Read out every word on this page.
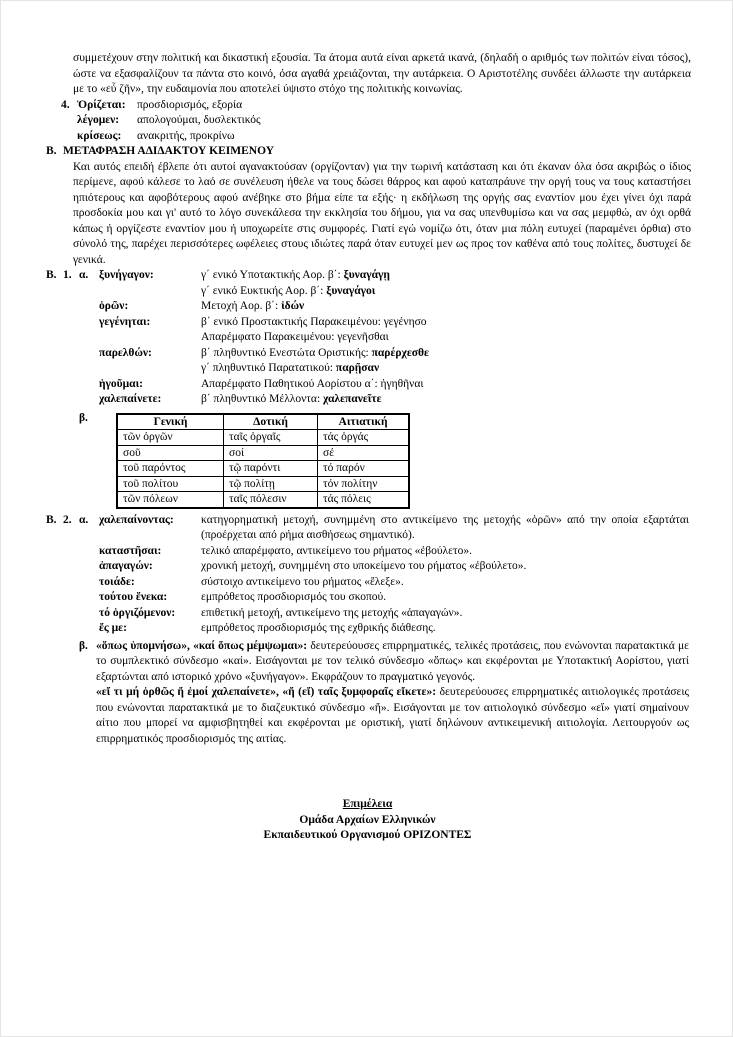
συμμετέχουν στην πολιτική και δικαστική εξουσία. Τα άτομα αυτά είναι αρκετά ικανά, (δηλαδή ο αριθμός των πολιτών είναι τόσος), ώστε να εξασφαλίζουν τα πάντα στο κοινό, όσα αγαθά χρειάζονται, την αυτάρκεια. Ο Αριστοτέλης συνδέει άλλωστε την αυτάρκεια με το «εὖ ζῆν», την ευδαιμονία που αποτελεί ύψιστο στόχο της πολιτικής κοινωνίας.

4. Ὁρίζεται: προσδιορισμός, εξορία
λέγομεν:	απολογούμαι, δυσλεκτικός
κρίσεως:	ανακριτής, προκρίνω
Β. ΜΕΤΑΦΡΑΣΗ ΑΔΙΔΑΚΤΟΥ ΚΕΙΜΕΝΟΥ

Και αυτός επειδή έβλεπε ότι αυτοί αγανακτούσαν (οργίζονταν) για την τωρινή κατάσταση και ότι έκαναν όλα όσα ακριβώς ο ίδιος περίμενε, αφού κάλεσε το λαό σε συνέλευση ήθελε να τους δώσει θάρρος και αφού καταπράυνε την οργή τους να τους καταστήσει ηπιότερους και αφοβότερους αφού ανέβηκε στο βήμα είπε τα εξής· η εκδήλωση της οργής σας εναντίον μου έχει γίνει όχι παρά προσδοκία μου και γι' αυτό το λόγο συνεκάλεσα την εκκλησία του δήμου, για να σας υπενθυμίσω και να σας μεμφθώ, αν όχι ορθά κάπως ή οργίζεστε εναντίον μου ή υποχωρείτε στις συμφορές. Γιατί εγώ νομίζω ότι, όταν μια πόλη ευτυχεί (παραμένει όρθια) στο σύνολό της, παρέχει περισσότερες ωφέλειες στους ιδιώτες παρά όταν ευτυχεί μεν ως προς τον καθένα από τους πολίτες, δυστυχεί δε γενικά.

Β. 1. α. ξυνήγαγον:	γ΄ ενικό Υποτακτικής Αορ. β΄: ξυναγάγῃ
γ΄ ενικό Ευκτικής Αορ. β΄: ξυναγάγοι
ὁρῶν:	Μετοχή Αορ. β΄: ἰδών
γεγένηται:	β΄ ενικό Προστακτικής Παρακειμένου: γεγένησο
Απαρέμφατο Παρακειμένου: γεγενῆσθαι
παρελθών:	β΄ πληθυντικό Ενεστώτα Οριστικής: παρέρχεσθε
γ΄ πληθυντικό Παρατατικού: παρῇσαν
ἡγοῦμαι:	Απαρέμφατο Παθητικού Αορίστου α΄: ἡγηθῆναι
χαλεπαίνετε:	β΄ πληθυντικό Μέλλοντα: χαλεπανεῖτε
β.	Γενική	Δοτική	Αιτιατική
τῶν ὀργῶν	ταῖς ὀργαῖς	τάς ὀργάς
σοῦ	σοί	σέ
τοῦ παρόντος	τῷ παρόντι	τό παρόν
τοῦ πολίτου	τῷ πολίτῃ	τόν πολίτην
τῶν πόλεων	ταῖς πόλεσιν	τάς πόλεις
Β. 2. α. χαλεπαίνοντας:	κατηγορηματική μετοχή, συνημμένη στο αντικείμενο της μετοχής «ὁρῶν» από την οποία εξαρτάται (προέρχεται από ρήμα αισθήσεως σημαντικό).
καταστῆσαι:	τελικό απαρέμφατο, αντικείμενο του ρήματος «ἐβούλετο».
ἀπαγαγών:	χρονική μετοχή, συνημμένη στο υποκείμενο του ρήματος «ἐβούλετο».
τοιάδε:	σύστοιχο αντικείμενο του ρήματος «ἔλεξε».
τούτου ἕνεκα:	εμπρόθετος προσδιορισμός του σκοπού.
τό ὀργιζόμενον:	επιθετική μετοχή, αντικείμενο της μετοχής «ἀπαγαγών».
ἔς με:	εμπρόθετος προσδιορισμός της εχθρικής διάθεσης.
β. «ὅπως ὑπομνήσω», «καί ὅπως μέμψωμαι»: δευτερεύουσες επιρρηματικές, τελικές προτάσεις, που ενώνονται παρατακτικά με το συμπλεκτικό σύνδεσμο «καί». Εισάγονται με τον τελικό σύνδεσμο «ὅπως» και εκφέρονται με Υποτακτική Αορίστου, γιατί εξαρτώνται από ιστορικό χρόνο «ξυνήγαγον». Εκφράζουν το πραγματικό γεγονός.

«εἴ τι μή ὀρθῶς ἤ ἐμοί χαλεπαίνετε», «ἤ (εἴ) ταῖς ξυμφοραῖς εἴκετε»: δευτερεύουσες επιρρηματικές αιτιολογικές προτάσεις που ενώνονται παρατακτικά με το διαζευκτικό σύνδεσμο «ἤ». Εισάγονται με τον αιτιολογικό σύνδεσμο «εἴ» γιατί σημαίνουν αίτιο που μπορεί να αμφισβητηθεί και εκφέρονται με οριστική, γιατί δηλώνουν αντικειμενική αιτιολογία. Λειτουργούν ως επιρρηματικός προσδιορισμός της αιτίας.

Επιμέλεια
Ομάδα Αρχαίων Ελληνικών
Εκπαιδευτικού Οργανισμού ΟΡΙΖΟΝΤΕΣ
